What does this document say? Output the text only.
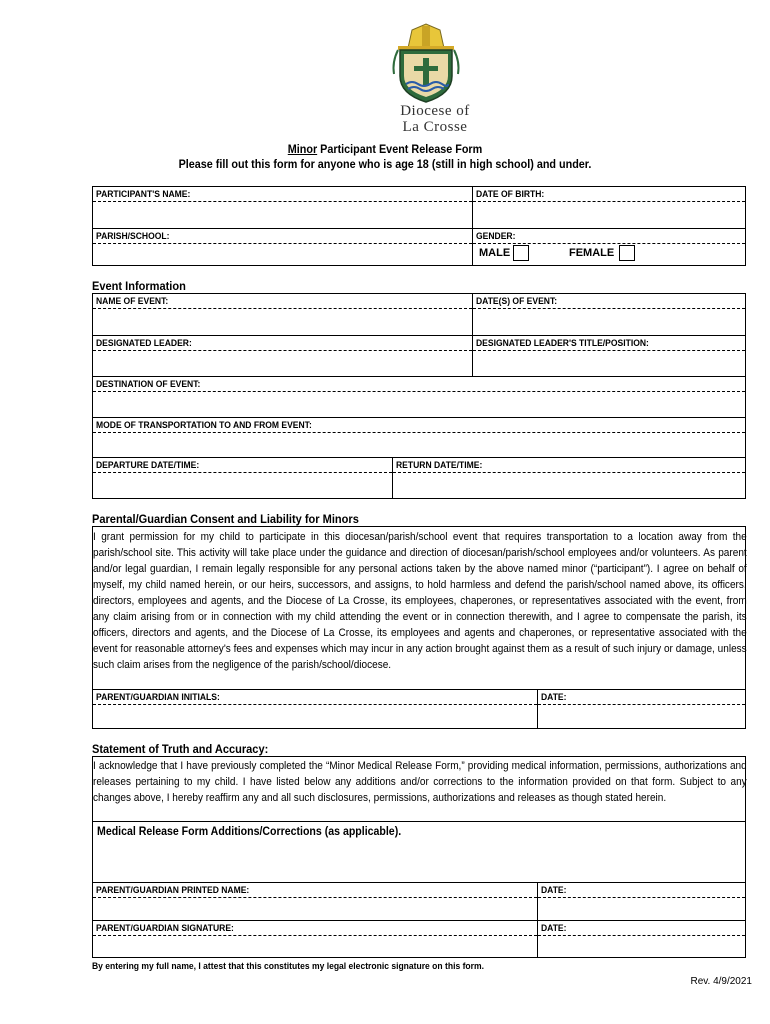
Diocese of
La Crosse
Minor Participant Event Release Form
Please fill out this form for anyone who is age 18 (still in high school) and under.
PARTICIPANT'S NAME:	DATE OF BIRTH:
PARISH/SCHOOL:	GENDER:
MALE	FEMALE
Event Information
NAME OF EVENT:	DATE(S) OF EVENT:
DESIGNATED LEADER:	DESIGNATED LEADER'S TITLE/POSITION:
DESTINATION OF EVENT:
MODE OF TRANSPORTATION TO AND FROM EVENT:
DEPARTURE DATE/TIME:	RETURN DATE/TIME:
Parental/Guardian Consent and Liability for Minors
I grant permission for my child to participate in this diocesan/parish/school event that requires transportation to a location away from the parish/school site. This activity will take place under the guidance and direction of diocesan/parish/school employees and/or volunteers. As parent and/or legal guardian, I remain legally responsible for any personal actions taken by the above named minor (“participant”). I agree on behalf of myself, my child named herein, or our heirs, successors, and assigns, to hold harmless and defend the parish/school named above, its officers, directors, employees and agents, and the Diocese of La Crosse, its employees, chaperones, or representatives associated with the event, from any claim arising from or in connection with my child attending the event or in connection therewith, and I agree to compensate the parish, its officers, directors and agents, and the Diocese of La Crosse, its employees and agents and chaperones, or representative associated with the event for reasonable attorney's fees and expenses which may incur in any action brought against them as a result of such injury or damage, unless such claim arises from the negligence of the parish/school/diocese.
PARENT/GUARDIAN INITIALS:	DATE:
Statement of Truth and Accuracy:
I acknowledge that I have previously completed the “Minor Medical Release Form,” providing medical information, permissions, authorizations and releases pertaining to my child. I have listed below any additions and/or corrections to the information provided on that form. Subject to any changes above, I hereby reaffirm any and all such disclosures, permissions, authorizations and releases as though stated herein.
Medical Release Form Additions/Corrections (as applicable).
PARENT/GUARDIAN PRINTED NAME:	DATE:
PARENT/GUARDIAN SIGNATURE:	DATE:
By entering my full name, I attest that this constitutes my legal electronic signature on this form.
Rev. 4/9/2021
